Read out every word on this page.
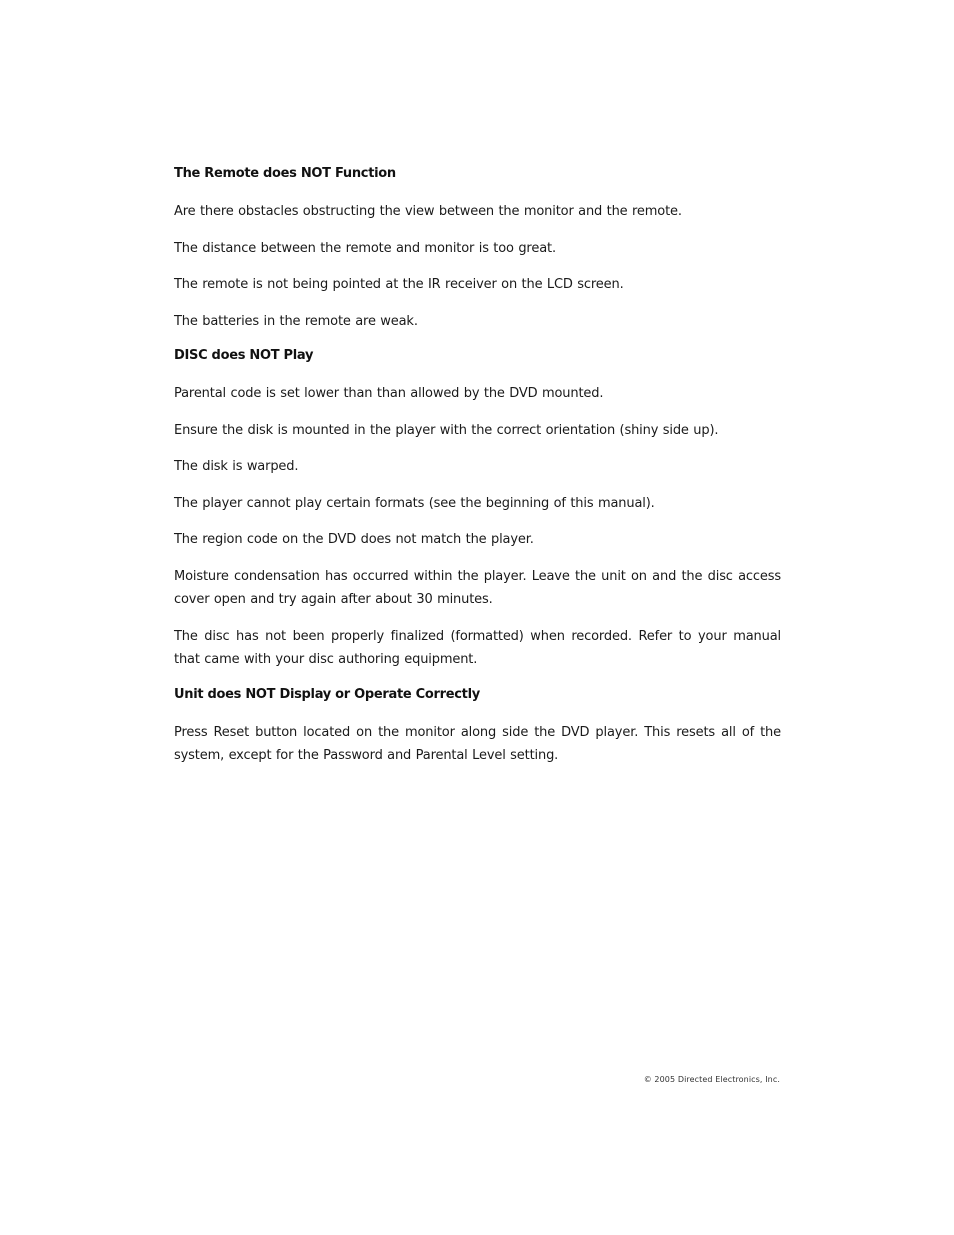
The Remote does NOT Function
Are there obstacles obstructing the view between the monitor and the remote.
The distance between the remote and monitor is too great.
The remote is not being pointed at the IR receiver on the LCD screen.
The batteries in the remote are weak.
DISC does NOT Play
Parental code is set lower than than allowed by the DVD mounted.
Ensure the disk is mounted in the player with the correct orientation (shiny side up).
The disk is warped.
The player cannot play certain formats (see the beginning of this manual).
The region code on the DVD does not match the player.
Moisture condensation has occurred within the player. Leave the unit on and the disc access cover open and try again after about 30 minutes.
The disc has not been properly finalized (formatted) when recorded. Refer to your manual that came with your disc authoring equipment.
Unit does NOT Display or Operate Correctly
Press Reset button located on the monitor along side the DVD player. This resets all of the system, except for the Password and Parental Level setting.
© 2005 Directed Electronics, Inc.
